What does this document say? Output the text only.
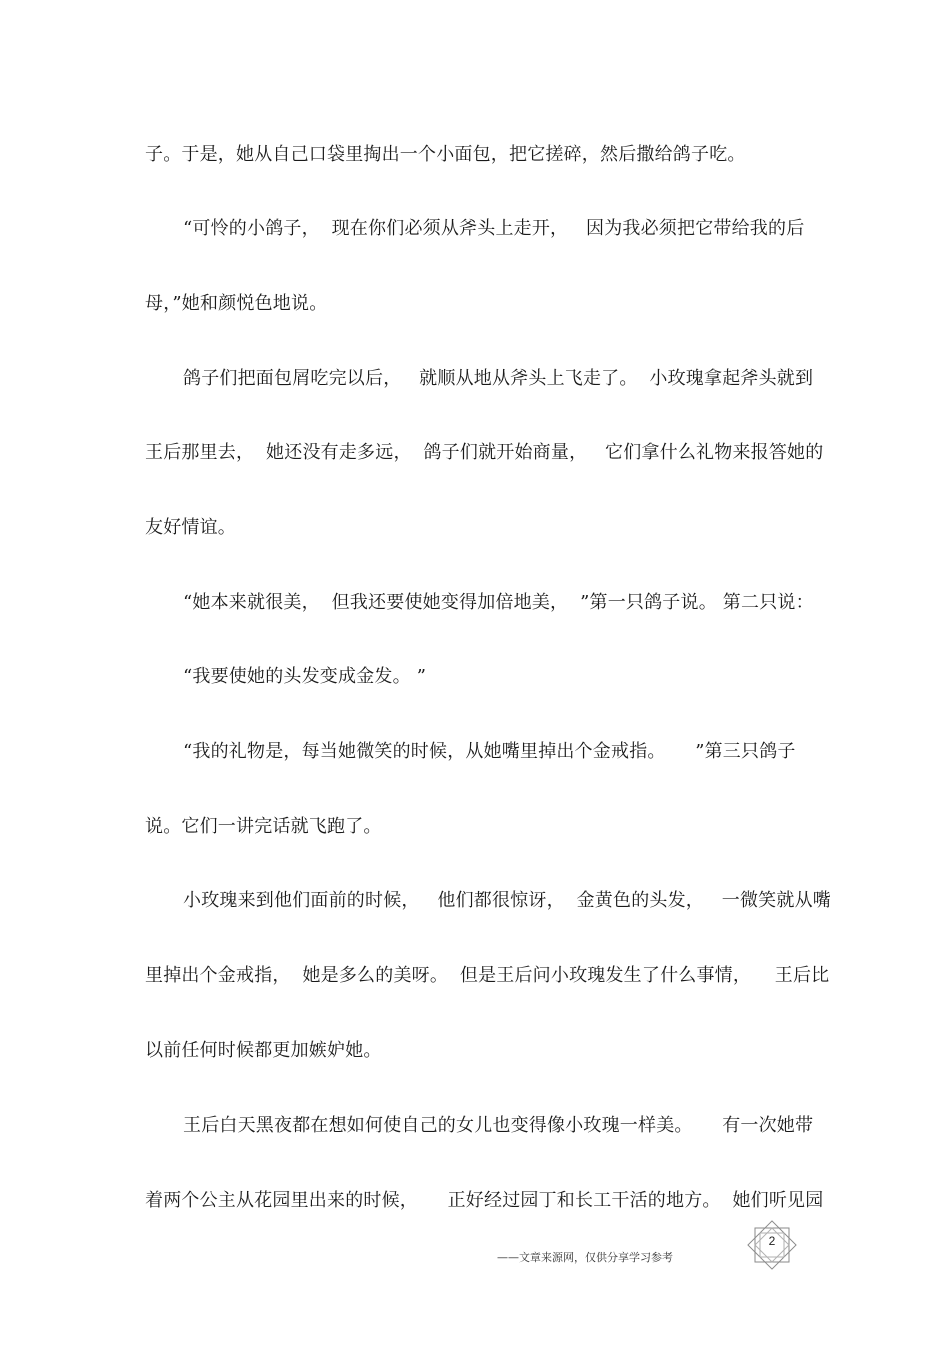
子。于是，她从自己口袋里掏出一个小面包，把它搓碎，然后撒给鸽子吃。
“可怜的小鸽子，  现在你们必须从斧头上走开，   因为我必须把它带给我的后
母，”她和颜悦色地说。
鸽子们把面包屑吃完以后，   就顺从地从斧头上飞走了。  小玫瑰拿起斧头就到
王后那里去，  她还没有走多远，  鸽子们就开始商量，   它们拿什么礼物来报答她的
友好情谊。
“她本来就很美，  但我还要使她变得加倍地美，  ”第一只鸽子说。 第二只说：
“我要使她的头发变成金发。 ”
“我的礼物是，每当她微笑的时候，从她嘴里掉出个金戒指。     ”第三只鸽子
说。它们一讲完话就飞跑了。
小玫瑰来到他们面前的时候，   他们都很惊讶，  金黄色的头发，   一微笑就从嘴
里掉出个金戒指，  她是多么的美呀。  但是王后问小玫瑰发生了什么事情，    王后比
以前任何时候都更加嫉妒她。
王后白天黑夜都在想如何使自己的女儿也变得像小玫瑰一样美。     有一次她带
着两个公主从花园里出来的时候，     正好经过园丁和长工干活的地方。  她们听见园
2
——文章来源网，仅供分享学习参考
